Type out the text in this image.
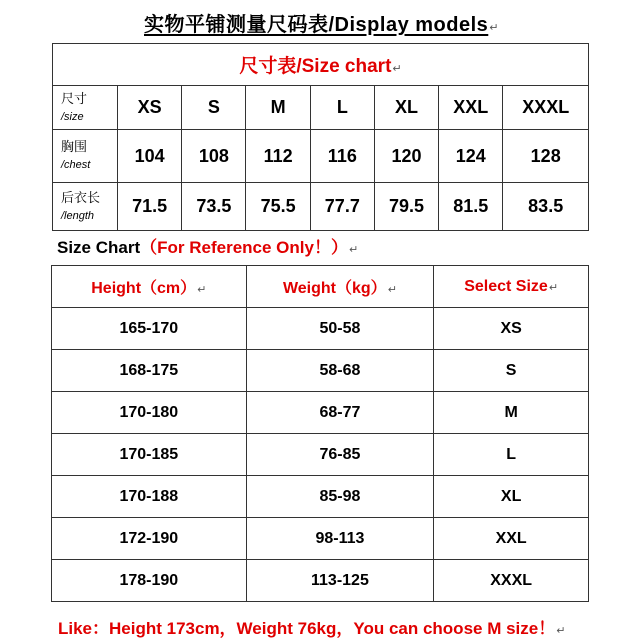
实物平铺测量尺码表/Display models↵
尺寸表/Size chart↵							
尺寸
/size	XS	S	M	L	XL	XXL	XXXL
胸围
/chest	104	108	112	116	120	124	128
后衣长
/length	71.5	73.5	75.5	77.7	79.5	81.5	83.5
Size Chart（For Reference Only！）↵
Height（cm）↵	Weight（kg）↵	Select Size↵
165-170	50-58	XS
168-175	58-68	S
170-180	68-77	M
170-185	76-85	L
170-188	85-98	XL
172-190	98-113	XXL
178-190	113-125	XXXL
Like：Height 173cm，Weight 76kg，You can choose M size！↵
